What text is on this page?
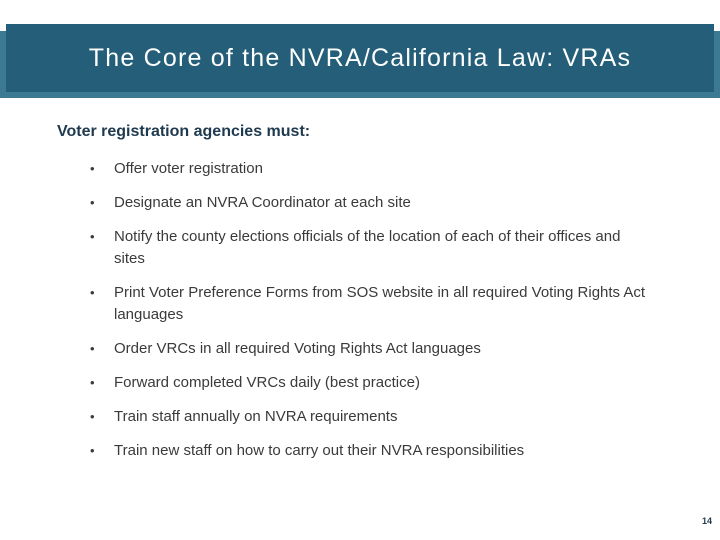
The Core of the NVRA/California Law: VRAs
Voter registration agencies must:
•	Offer voter registration
•	Designate an NVRA Coordinator at each site
•	Notify the county elections officials of the location of each of their offices and sites
•	Print Voter Preference Forms from SOS website in all required Voting Rights Act languages
•	Order VRCs in all required Voting Rights Act languages
•	Forward completed VRCs daily (best practice)
•	Train staff annually on NVRA requirements
•	Train new staff on how to carry out their NVRA responsibilities
14
